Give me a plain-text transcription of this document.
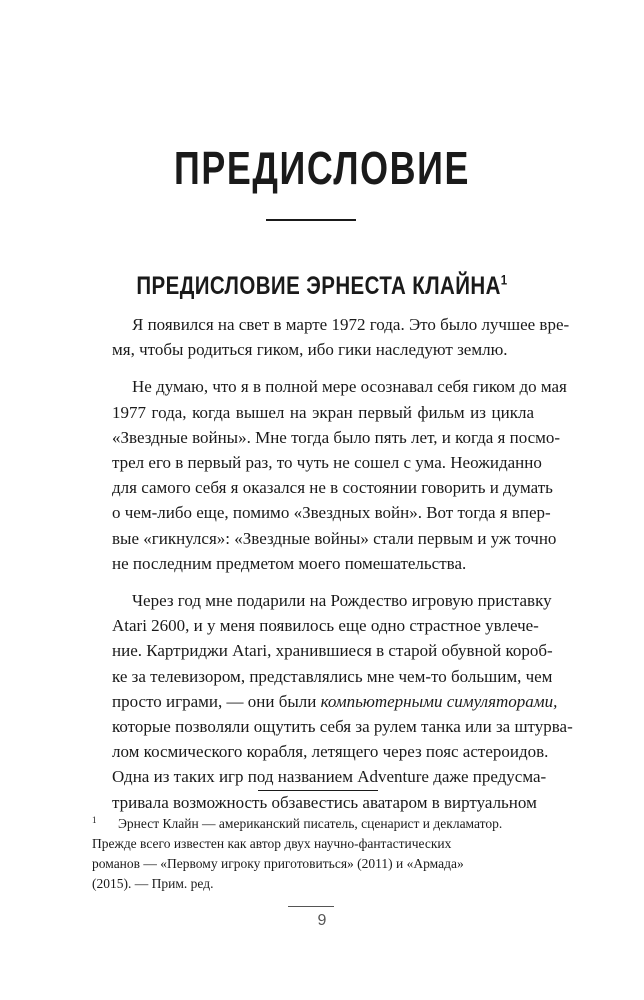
ПРЕДИСЛОВИЕ
ПРЕДИСЛОВИЕ ЭРНЕСТА КЛАЙНА$^1$

Я появился на свет в марте 1972 года. Это было лучшее вре-
мя, чтобы родиться гиком, ибо гики наследуют землю.

Не думаю, что я в полной мере осознавал себя гиком до мая
1977 года, когда вышел на экран первый фильм из цикла
«Звездные войны». Мне тогда было пять лет, и когда я посмо-
трел его в первый раз, то чуть не сошел с ума. Неожиданно
для самого себя я оказался не в состоянии говорить и думать
о чем-либо еще, помимо «Звездных войн». Вот тогда я впер-
вые «гикнулся»: «Звездные войны» стали первым и уж точно
не последним предметом моего помешательства.

Через год мне подарили на Рождество игровую приставку
Atari 2600, и у меня появилось еще одно страстное увлече-
ние. Картриджи Atari, хранившиеся в старой обувной короб-
ке за телевизором, представлялись мне чем-то большим, чем
просто играми, — они были компьютерными симуляторами,
которые позволяли ощутить себя за рулем танка или за штурва-
лом космического корабля, летящего через пояс астероидов.
Одна из таких игр под названием Adventure даже предусма-
тривала возможность обзавестись аватаром в виртуальном

1 Эрнест Клайн — американский писатель, сценарист и декламатор.
Прежде всего известен как автор двух научно-фантастических
романов — «Первому игроку приготовиться» (2011) и «Армада»
(2015). — Прим. ред.
9
